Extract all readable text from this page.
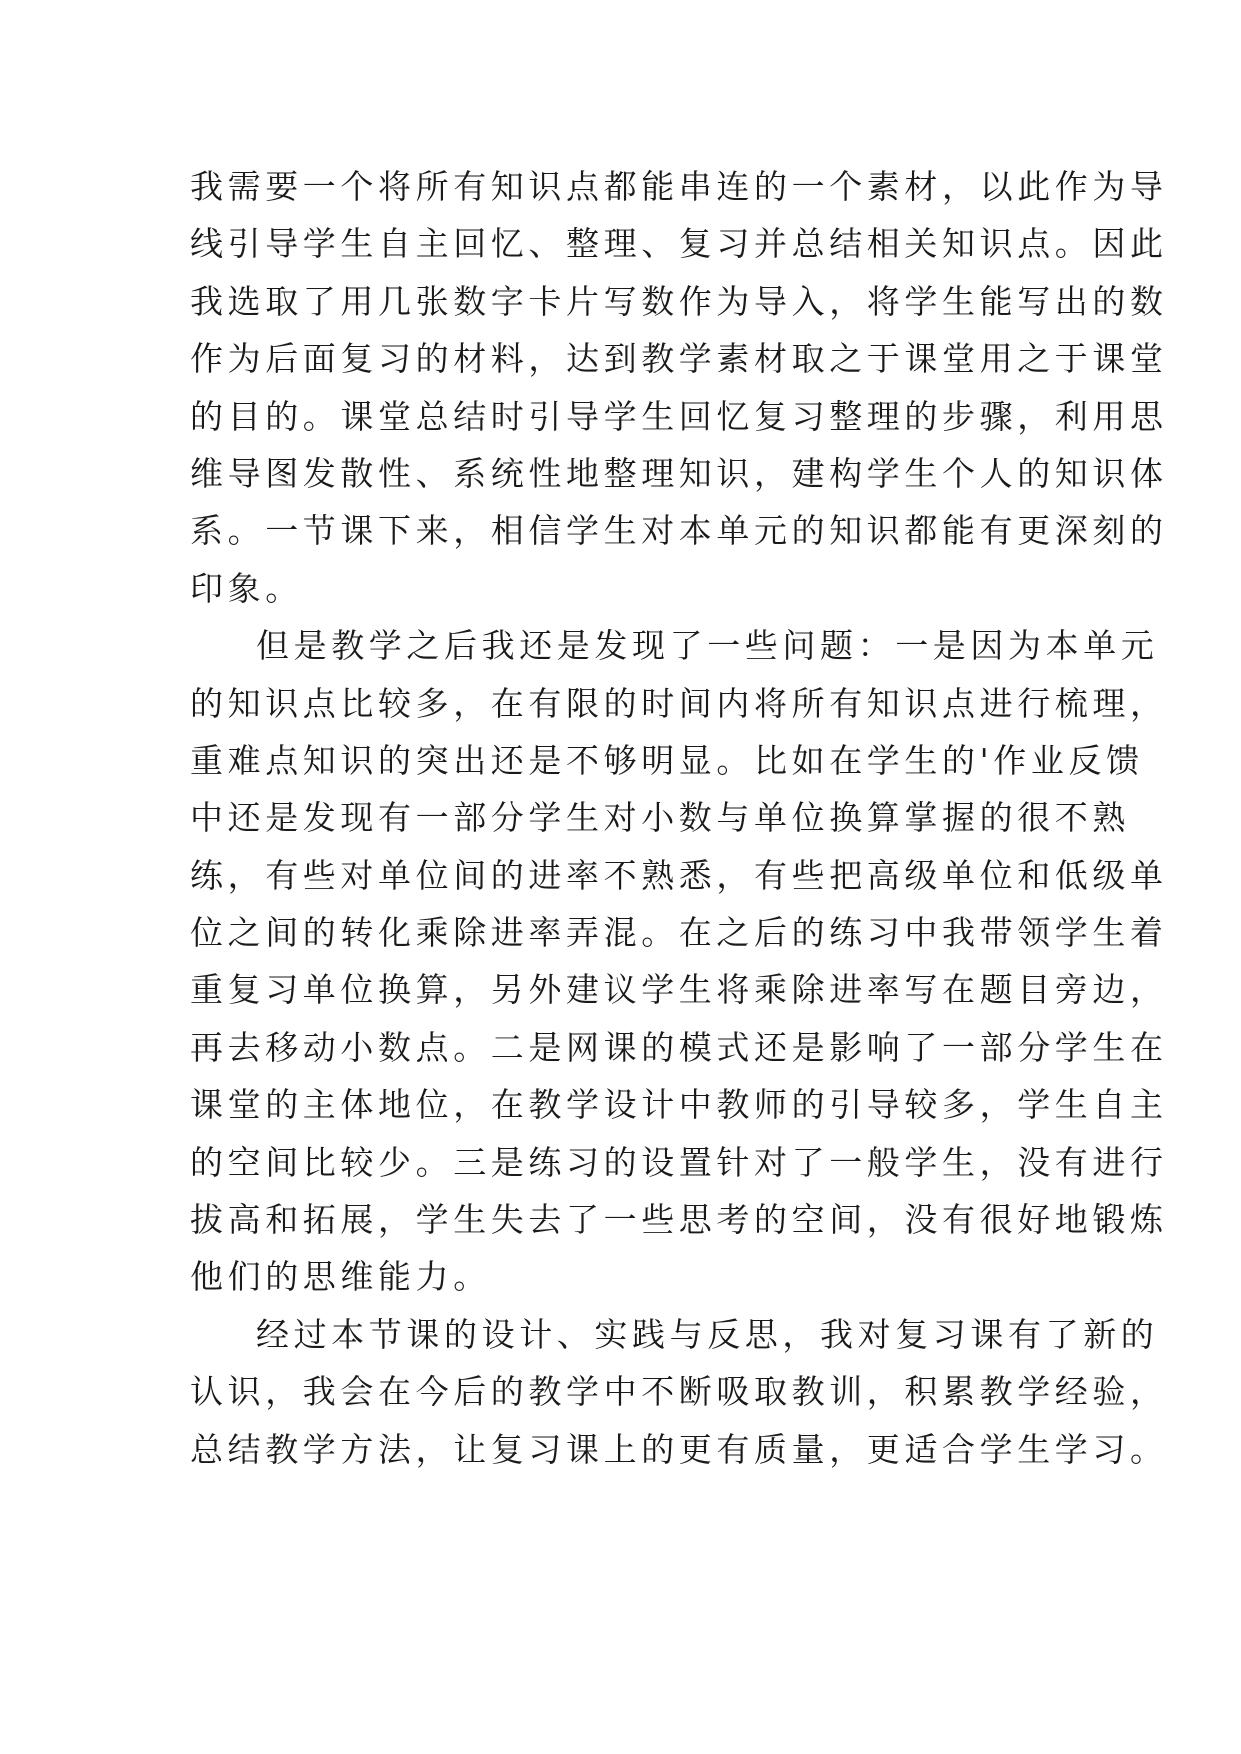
我需要一个将所有知识点都能串连的一个素材，以此作为导
线引导学生自主回忆、整理、复习并总结相关知识点。因此
我选取了用几张数字卡片写数作为导入，将学生能写出的数
作为后面复习的材料，达到教学素材取之于课堂用之于课堂
的目的。课堂总结时引导学生回忆复习整理的步骤，利用思
维导图发散性、系统性地整理知识，建构学生个人的知识体
系。一节课下来，相信学生对本单元的知识都能有更深刻的
印象。
但是教学之后我还是发现了一些问题：一是因为本单元
的知识点比较多，在有限的时间内将所有知识点进行梳理，
重难点知识的突出还是不够明显。比如在学生的'作业反馈
中还是发现有一部分学生对小数与单位换算掌握的很不熟
练，有些对单位间的进率不熟悉，有些把高级单位和低级单
位之间的转化乘除进率弄混。在之后的练习中我带领学生着
重复习单位换算，另外建议学生将乘除进率写在题目旁边，
再去移动小数点。二是网课的模式还是影响了一部分学生在
课堂的主体地位，在教学设计中教师的引导较多，学生自主
的空间比较少。三是练习的设置针对了一般学生，没有进行
拔高和拓展，学生失去了一些思考的空间，没有很好地锻炼
他们的思维能力。
经过本节课的设计、实践与反思，我对复习课有了新的
认识，我会在今后的教学中不断吸取教训，积累教学经验，
总结教学方法，让复习课上的更有质量，更适合学生学习。
